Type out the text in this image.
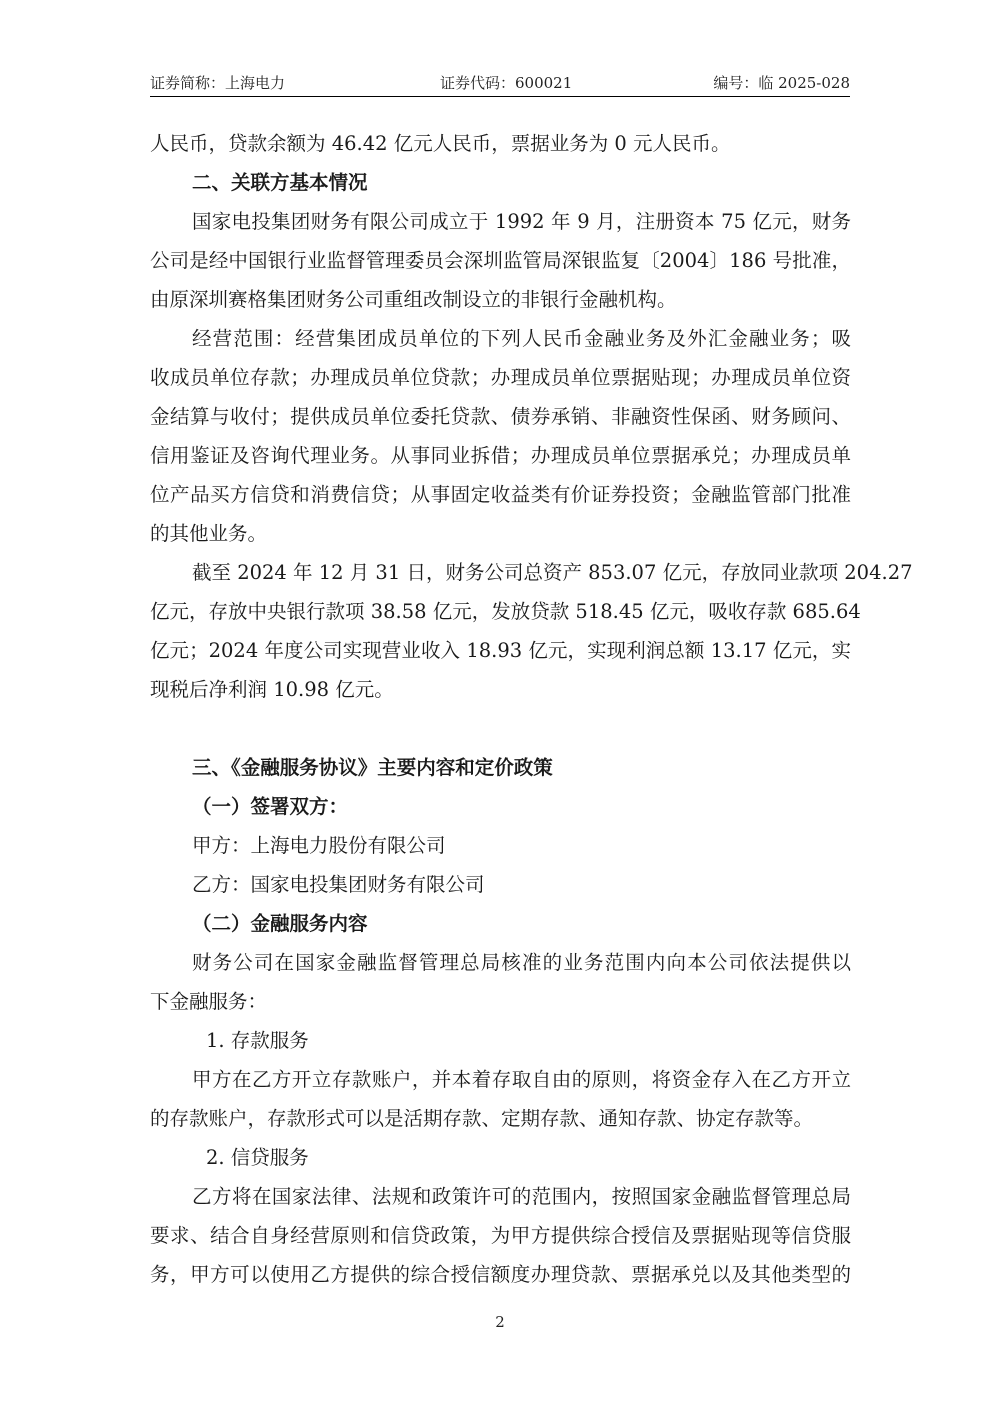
证券简称：上海电力	证券代码：600021	编号：临 2025-028
人民币，贷款余额为 46.42 亿元人民币，票据业务为 0 元人民币。
二、关联方基本情况
国家电投集团财务有限公司成立于 1992 年 9 月，注册资本 75 亿元，财务
公司是经中国银行业监督管理委员会深圳监管局深银监复〔2004〕186 号批准，
由原深圳赛格集团财务公司重组改制设立的非银行金融机构。
经营范围：经营集团成员单位的下列人民币金融业务及外汇金融业务；吸
收成员单位存款；办理成员单位贷款；办理成员单位票据贴现；办理成员单位资
金结算与收付；提供成员单位委托贷款、债券承销、非融资性保函、财务顾问、
信用鉴证及咨询代理业务。从事同业拆借；办理成员单位票据承兑；办理成员单
位产品买方信贷和消费信贷；从事固定收益类有价证券投资；金融监管部门批准
的其他业务。
截至 2024 年 12 月 31 日，财务公司总资产 853.07 亿元，存放同业款项 204.27
亿元，存放中央银行款项 38.58 亿元，发放贷款 518.45 亿元，吸收存款 685.64
亿元；2024 年度公司实现营业收入 18.93 亿元，实现利润总额 13.17 亿元，实
现税后净利润 10.98 亿元。
三、《金融服务协议》主要内容和定价政策
（一）签署双方：
甲方：上海电力股份有限公司
乙方：国家电投集团财务有限公司
（二）金融服务内容
财务公司在国家金融监督管理总局核准的业务范围内向本公司依法提供以
下金融服务：
1. 存款服务
甲方在乙方开立存款账户，并本着存取自由的原则，将资金存入在乙方开立
的存款账户，存款形式可以是活期存款、定期存款、通知存款、协定存款等。
2. 信贷服务
乙方将在国家法律、法规和政策许可的范围内，按照国家金融监督管理总局
要求、结合自身经营原则和信贷政策，为甲方提供综合授信及票据贴现等信贷服
务，甲方可以使用乙方提供的综合授信额度办理贷款、票据承兑以及其他类型的
2
